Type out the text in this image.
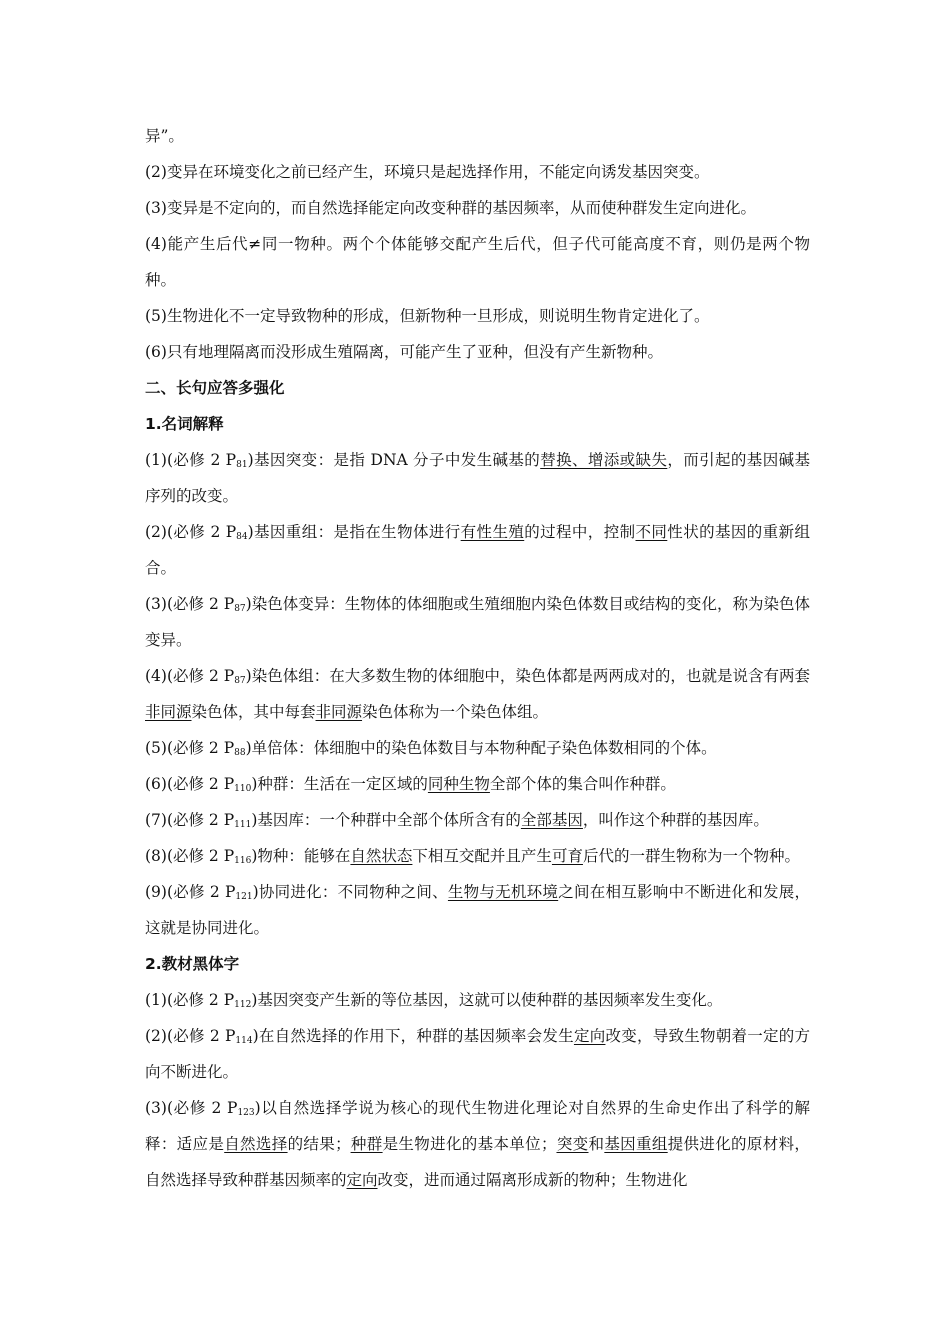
异”。

(2)变异在环境变化之前已经产生，环境只是起选择作用，不能定向诱发基因突变。

(3)变异是不定向的，而自然选择能定向改变种群的基因频率，从而使种群发生定向进化。

(4)能产生后代≠同一物种。两个个体能够交配产生后代，但子代可能高度不育，则仍是两个物种。

(5)生物进化不一定导致物种的形成，但新物种一旦形成，则说明生物肯定进化了。

(6)只有地理隔离而没形成生殖隔离，可能产生了亚种，但没有产生新物种。

二、长句应答多强化

1.名词解释

(1)(必修 2 $P_{81}$)基因突变：是指 DNA 分子中发生碱基的替换、增添或缺失，而引起的基因碱基序列的改变。

(2)(必修 2 $P_{84}$)基因重组：是指在生物体进行有性生殖的过程中，控制不同性状的基因的重新组合。

(3)(必修 2 $P_{87}$)染色体变异：生物体的体细胞或生殖细胞内染色体数目或结构的变化，称为染色体变异。

(4)(必修 2 $P_{87}$)染色体组：在大多数生物的体细胞中，染色体都是两两成对的，也就是说含有两套非同源染色体，其中每套非同源染色体称为一个染色体组。

(5)(必修 2 $P_{88}$)单倍体：体细胞中的染色体数目与本物种配子染色体数相同的个体。

(6)(必修 2 $P_{110}$)种群：生活在一定区域的同种生物全部个体的集合叫作种群。

(7)(必修 2 $P_{111}$)基因库：一个种群中全部个体所含有的全部基因，叫作这个种群的基因库。

(8)(必修 2 $P_{116}$)物种：能够在自然状态下相互交配并且产生可育后代的一群生物称为一个物种。

(9)(必修 2 $P_{121}$)协同进化：不同物种之间、生物与无机环境之间在相互影响中不断进化和发展，这就是协同进化。

2.教材黑体字

(1)(必修 2 $P_{112}$)基因突变产生新的等位基因，这就可以使种群的基因频率发生变化。

(2)(必修 2 $P_{114}$)在自然选择的作用下，种群的基因频率会发生定向改变，导致生物朝着一定的方向不断进化。

(3)(必修 2 $P_{123}$)以自然选择学说为核心的现代生物进化理论对自然界的生命史作出了科学的解释：适应是自然选择的结果；种群是生物进化的基本单位；突变和基因重组提供进化的原材料，自然选择导致种群基因频率的定向改变，进而通过隔离形成新的物种；生物进化
